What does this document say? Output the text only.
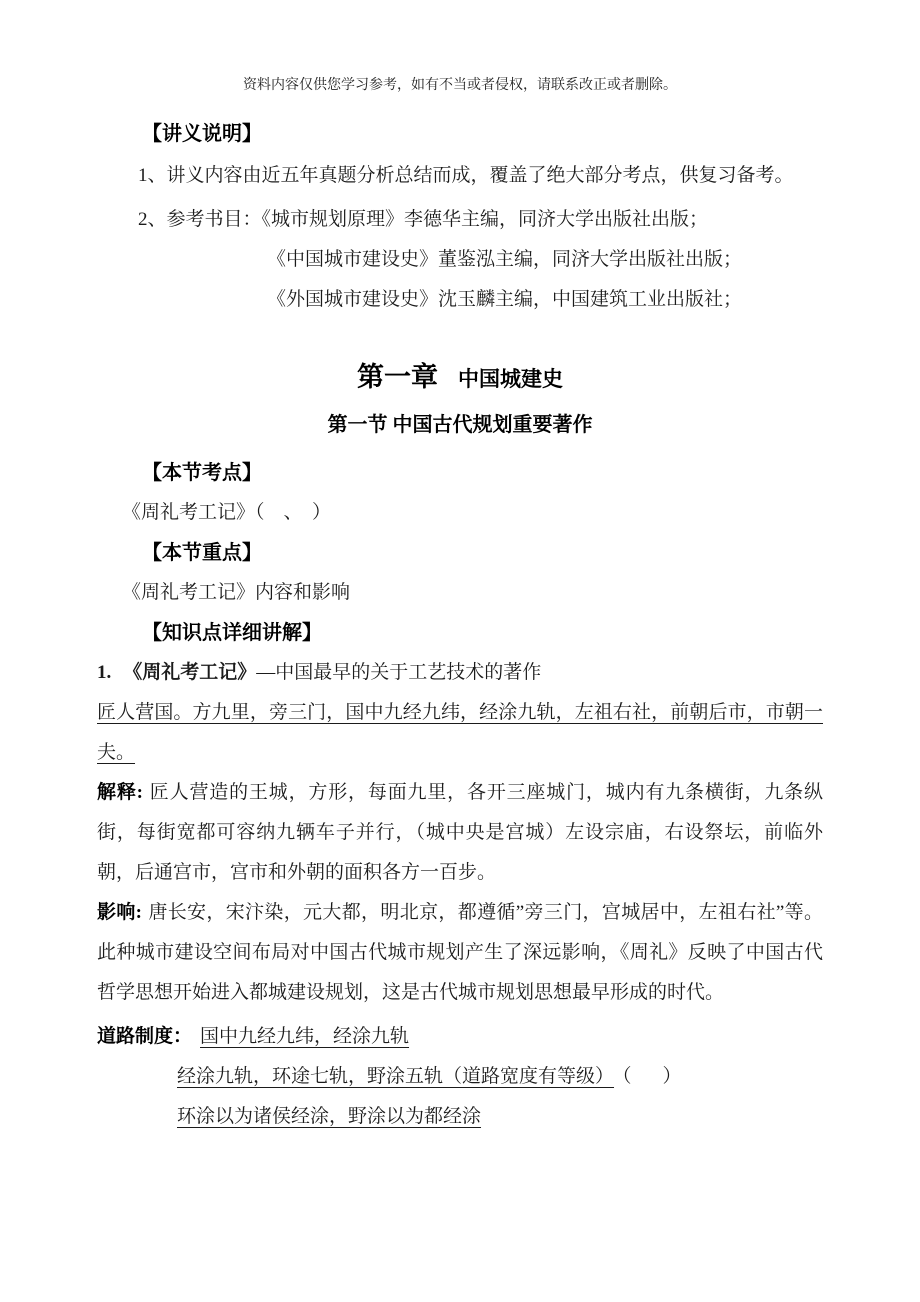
资料内容仅供您学习参考，如有不当或者侵权，请联系改正或者删除。
【讲义说明】

1、讲义内容由近五年真题分析总结而成，覆盖了绝大部分考点，供复习备考。

2、参考书目：《城市规划原理》李德华主编，同济大学出版社出版；

《中国城市建设史》董鉴泓主编，同济大学出版社出版；

《外国城市建设史》沈玉麟主编，中国建筑工业出版社；

第一章 中国城建史
第一节 中国古代规划重要著作
【本节考点】

《周礼考工记》（　、　）

【本节重点】

《周礼考工记》内容和影响

【知识点详细讲解】

1. 《周礼考工记》—中国最早的关于工艺技术的著作

匠人营国。方九里，旁三门，国中九经九纬，经涂九轨，左祖右社，前朝后市，市朝一夫。

解释: 匠人营造的王城，方形，每面九里，各开三座城门，城内有九条横街，九条纵街，每街宽都可容纳九辆车子并行，（城中央是宫城）左设宗庙，右设祭坛，前临外朝，后通宫市，宫市和外朝的面积各方一百步。

影响: 唐长安，宋汴染，元大都，明北京，都遵循”旁三门，宫城居中，左祖右社”等。此种城市建设空间布局对中国古代城市规划产生了深远影响，《周礼》反映了中国古代哲学思想开始进入都城建设规划，这是古代城市规划思想最早形成的时代。

道路制度： 国中九经九纬，经涂九轨

经涂九轨，环途七轨，野涂五轨（道路宽度有等级） （　）

环涂以为诸侯经涂，野涂以为都经涂
